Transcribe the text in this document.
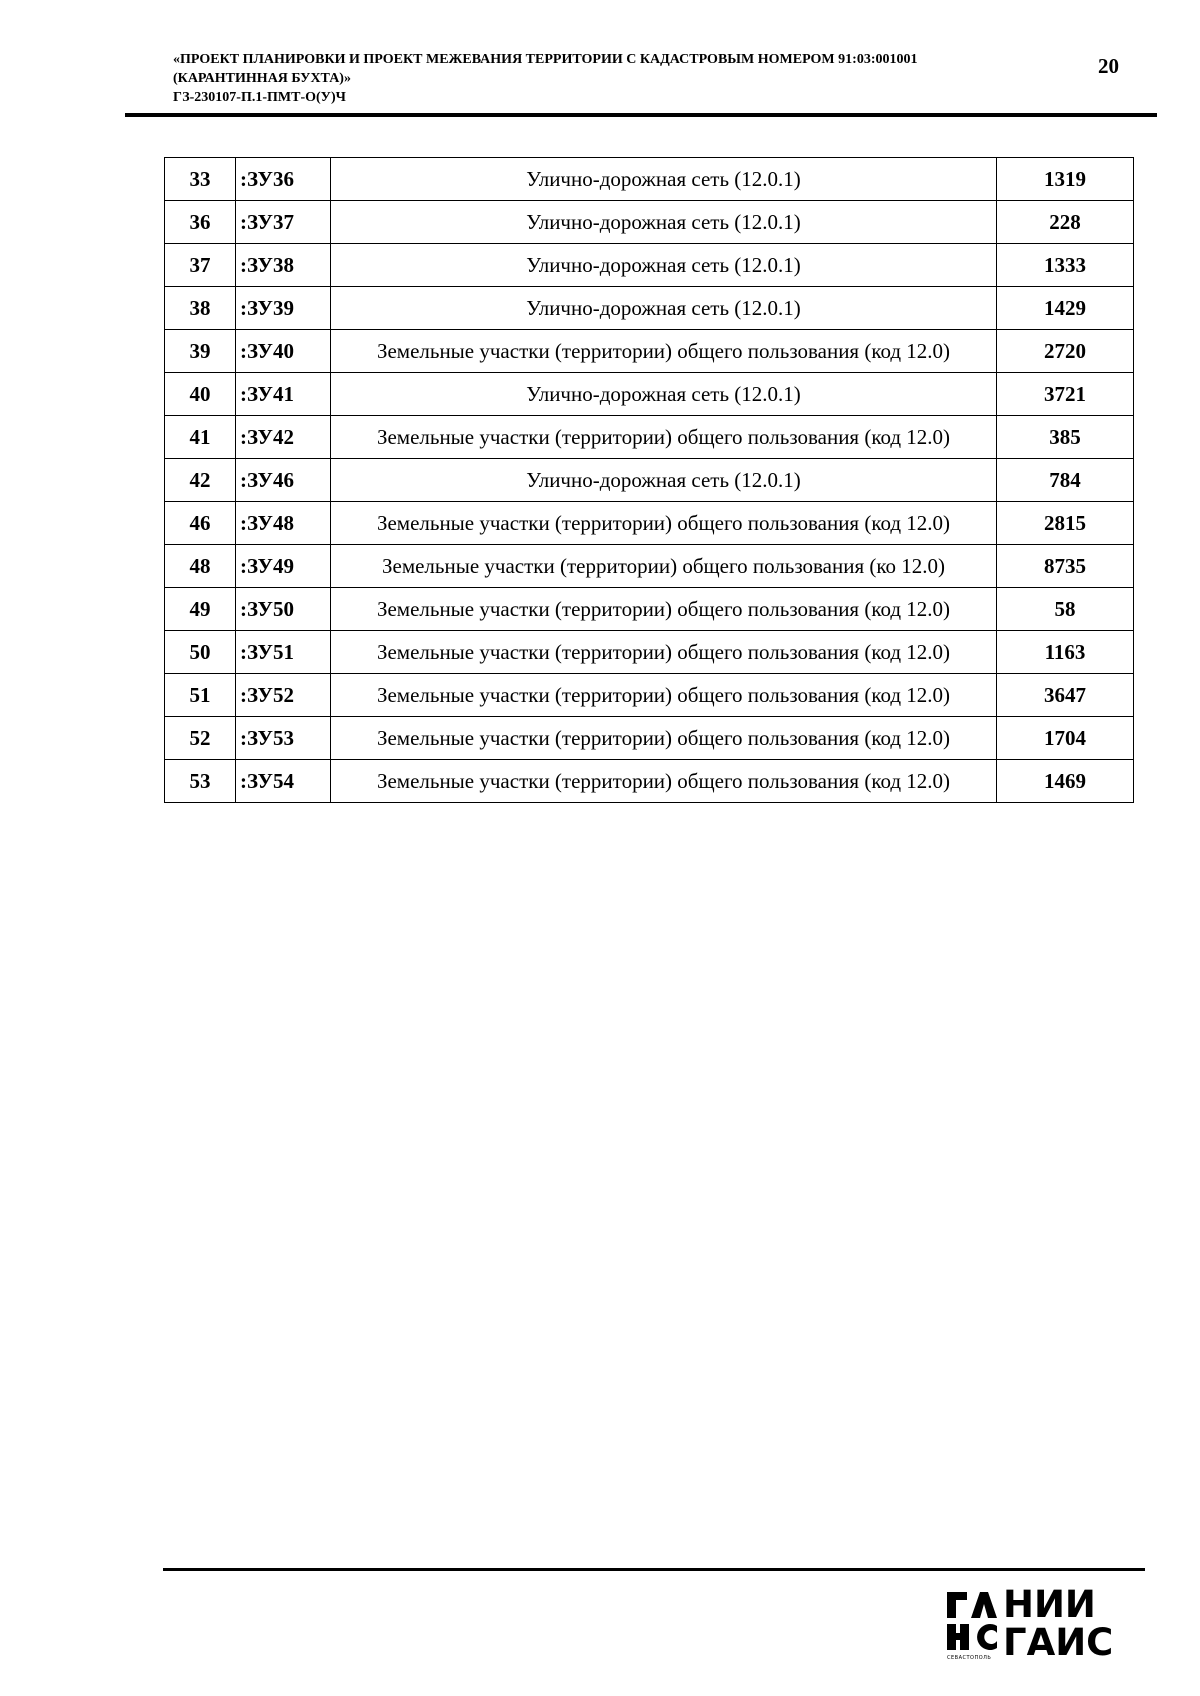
«ПРОЕКТ ПЛАНИРОВКИ И ПРОЕКТ МЕЖЕВАНИЯ ТЕРРИТОРИИ С КАДАСТРОВЫМ НОМЕРОМ 91:03:001001
(КАРАНТИННАЯ БУХТА)»
ГЗ-230107-П.1-ПМТ-О(У)Ч
20
33	:ЗУ36	Улично-дорожная сеть (12.0.1)	1319
36	:ЗУ37	Улично-дорожная сеть (12.0.1)	228
37	:ЗУ38	Улично-дорожная сеть (12.0.1)	1333
38	:ЗУ39	Улично-дорожная сеть (12.0.1)	1429
39	:ЗУ40	Земельные участки (территории) общего пользования (код 12.0)	2720
40	:ЗУ41	Улично-дорожная сеть (12.0.1)	3721
41	:ЗУ42	Земельные участки (территории) общего пользования (код 12.0)	385
42	:ЗУ46	Улично-дорожная сеть (12.0.1)	784
46	:ЗУ48	Земельные участки (территории) общего пользования (код 12.0)	2815
48	:ЗУ49	Земельные участки (территории) общего пользования (ко 12.0)	8735
49	:ЗУ50	Земельные участки (территории) общего пользования (код 12.0)	58
50	:ЗУ51	Земельные участки (территории) общего пользования (код 12.0)	1163
51	:ЗУ52	Земельные участки (территории) общего пользования (код 12.0)	3647
52	:ЗУ53	Земельные участки (территории) общего пользования (код 12.0)	1704
53	:ЗУ54	Земельные участки (территории) общего пользования (код 12.0)	1469
СЕВАСТОПОЛЬ
НИИ
ГАИС
